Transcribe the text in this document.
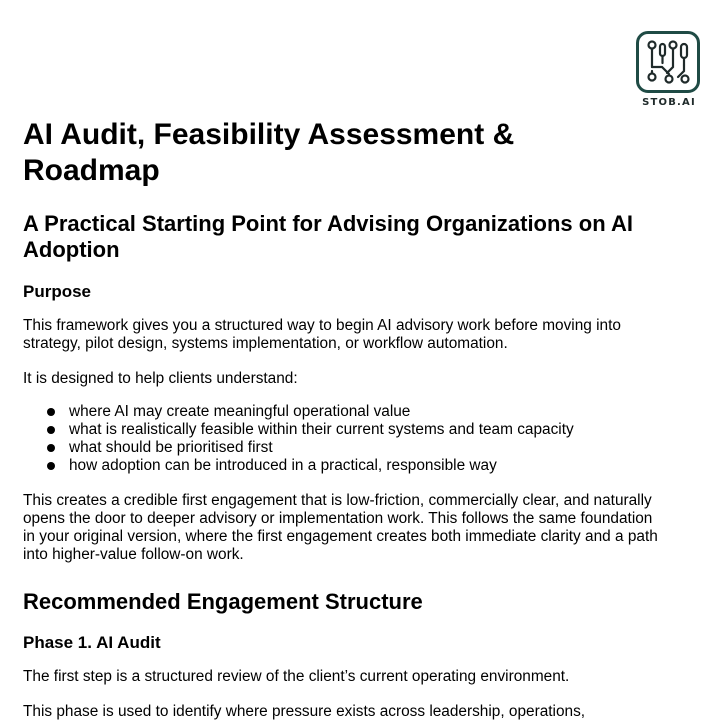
STOB.AI
AI Audit, Feasibility Assessment & Roadmap
A Practical Starting Point for Advising Organizations on AI Adoption
Purpose

This framework gives you a structured way to begin AI advisory work before moving into strategy, pilot design, systems implementation, or workflow automation.

It is designed to help clients understand:

where AI may create meaningful operational value
what is realistically feasible within their current systems and team capacity
what should be prioritised first
how adoption can be introduced in a practical, responsible way

This creates a credible first engagement that is low-friction, commercially clear, and naturally opens the door to deeper advisory or implementation work. This follows the same foundation in your original version, where the first engagement creates both immediate clarity and a path into higher-value follow-on work.

Recommended Engagement Structure
Phase 1. AI Audit

The first step is a structured review of the client’s current operating environment.

This phase is used to identify where pressure exists across leadership, operations,
